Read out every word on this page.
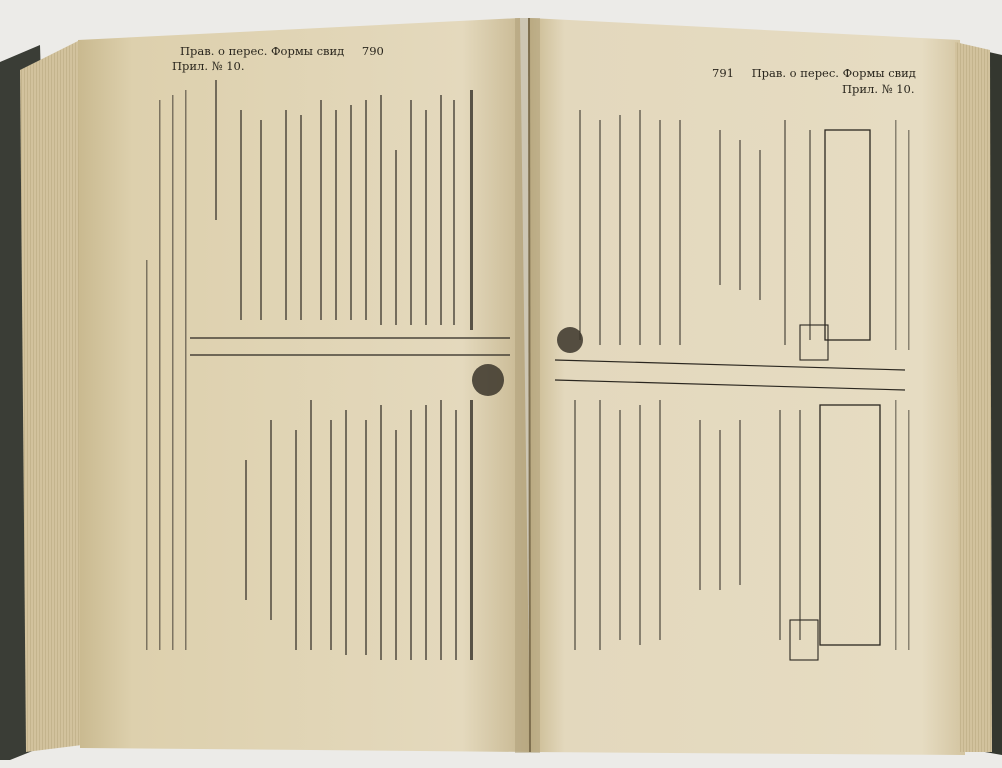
Прав. о перес. Формы свид 790
Прил. № 10.	791 Прав. о перес. Формы свид
Прил. № 10.
